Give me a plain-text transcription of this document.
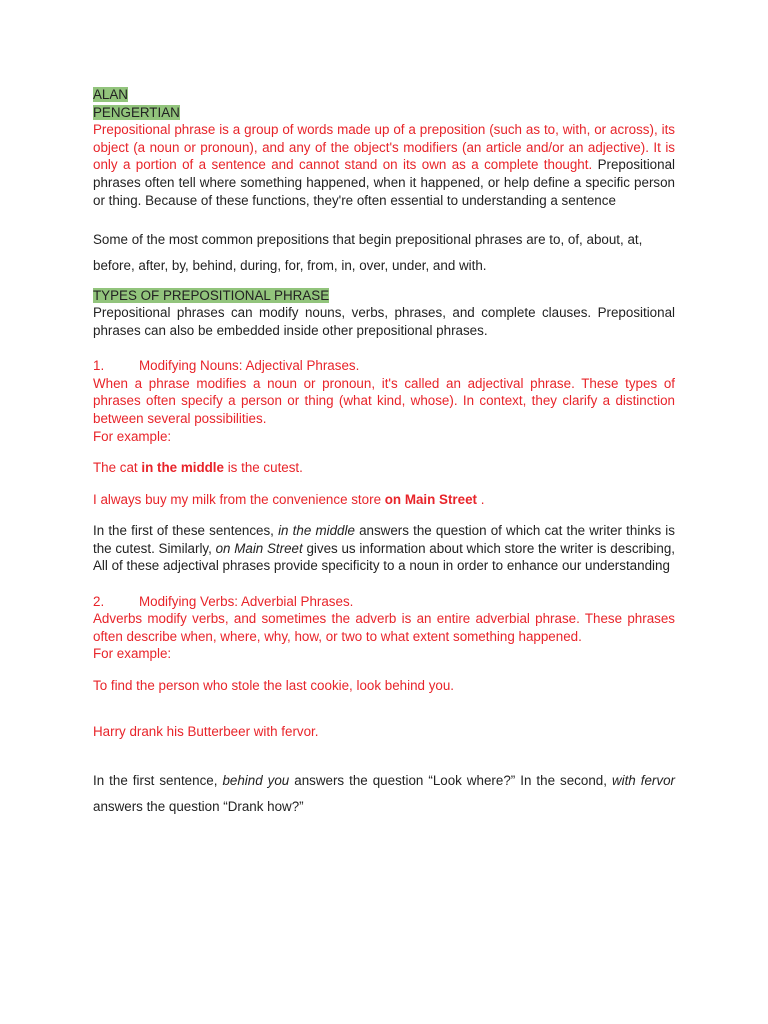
ALAN

PENGERTIAN

Prepositional phrase is a group of words made up of a preposition (such as to, with, or across), its object (a noun or pronoun), and any of the object's modifiers (an article and/or an adjective). It is only a portion of a sentence and cannot stand on its own as a complete thought. Prepositional phrases often tell where something happened, when it happened, or help define a specific person or thing. Because of these functions, they're often essential to understanding a sentence

Some of the most common prepositions that begin prepositional phrases are to, of, about, at, before, after, by, behind, during, for, from, in, over, under, and with.

TYPES OF PREPOSITIONAL PHRASE

Prepositional phrases can modify nouns, verbs, phrases, and complete clauses. Prepositional phrases can also be embedded inside other prepositional phrases.

1.	Modifying Nouns: Adjectival Phrases.

When a phrase modifies a noun or pronoun, it's called an adjectival phrase. These types of phrases often specify a person or thing (what kind, whose). In context, they clarify a distinction between several possibilities.

For example:

The cat in the middle is the cutest.

I always buy my milk from the convenience store on Main Street .

In the first of these sentences, in the middle answers the question of which cat the writer thinks is the cutest. Similarly, on Main Street gives us information about which store the writer is describing, All of these adjectival phrases provide specificity to a noun in order to enhance our understanding

2.	Modifying Verbs: Adverbial Phrases.

Adverbs modify verbs, and sometimes the adverb is an entire adverbial phrase. These phrases often describe when, where, why, how, or two to what extent something happened.

For example:

To find the person who stole the last cookie, look behind you.

Harry drank his Butterbeer with fervor.

In the first sentence, behind you answers the question “Look where?” In the second, with fervor answers the question “Drank how?”
